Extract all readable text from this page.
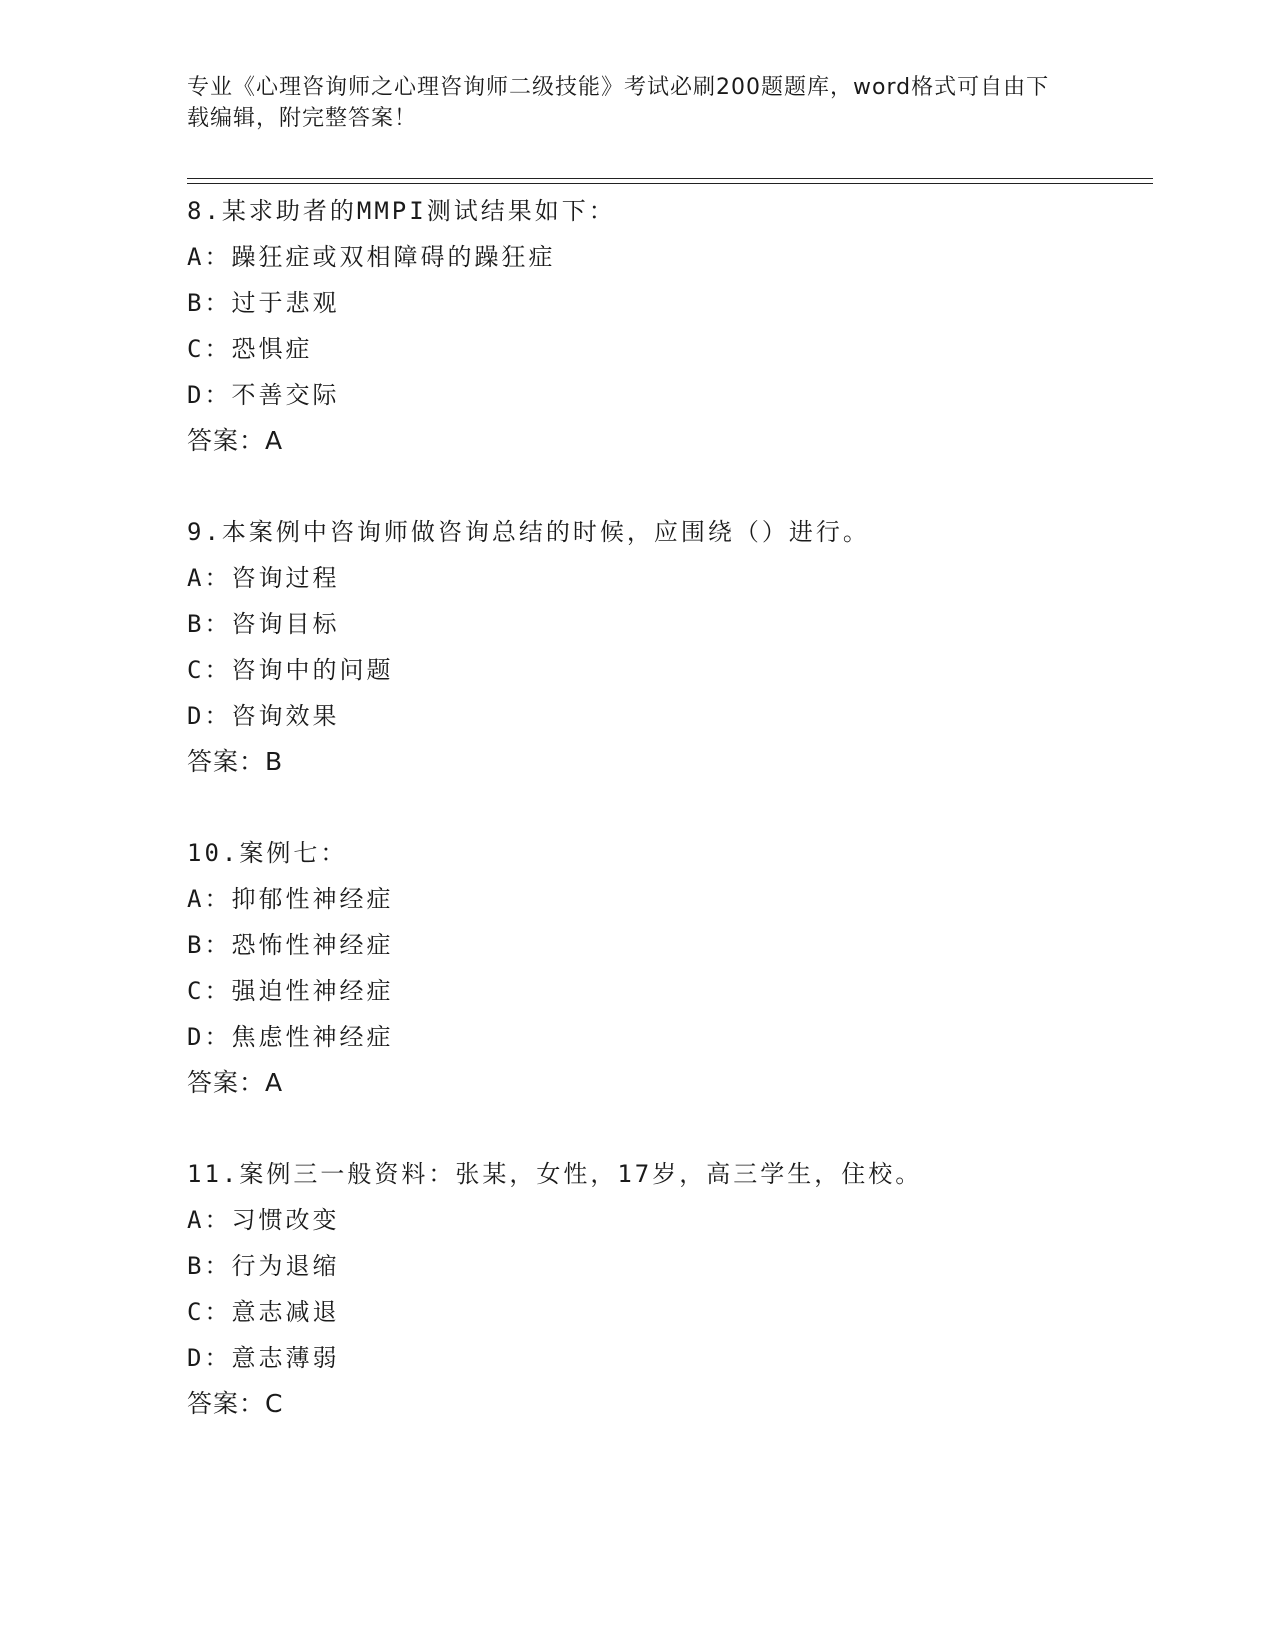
专业《心理咨询师之心理咨询师二级技能》考试必刷200题题库，word格式可自由下载编辑，附完整答案！
8.某求助者的MMPI测试结果如下：
A：躁狂症或双相障碍的躁狂症
B：过于悲观
C：恐惧症
D：不善交际
答案：A
9.本案例中咨询师做咨询总结的时候，应围绕（）进行。
A：咨询过程
B：咨询目标
C：咨询中的问题
D：咨询效果
答案：B
10.案例七：
A：抑郁性神经症
B：恐怖性神经症
C：强迫性神经症
D：焦虑性神经症
答案：A
11.案例三一般资料：张某，女性，17岁，高三学生，住校。
A：习惯改变
B：行为退缩
C：意志减退
D：意志薄弱
答案：C
